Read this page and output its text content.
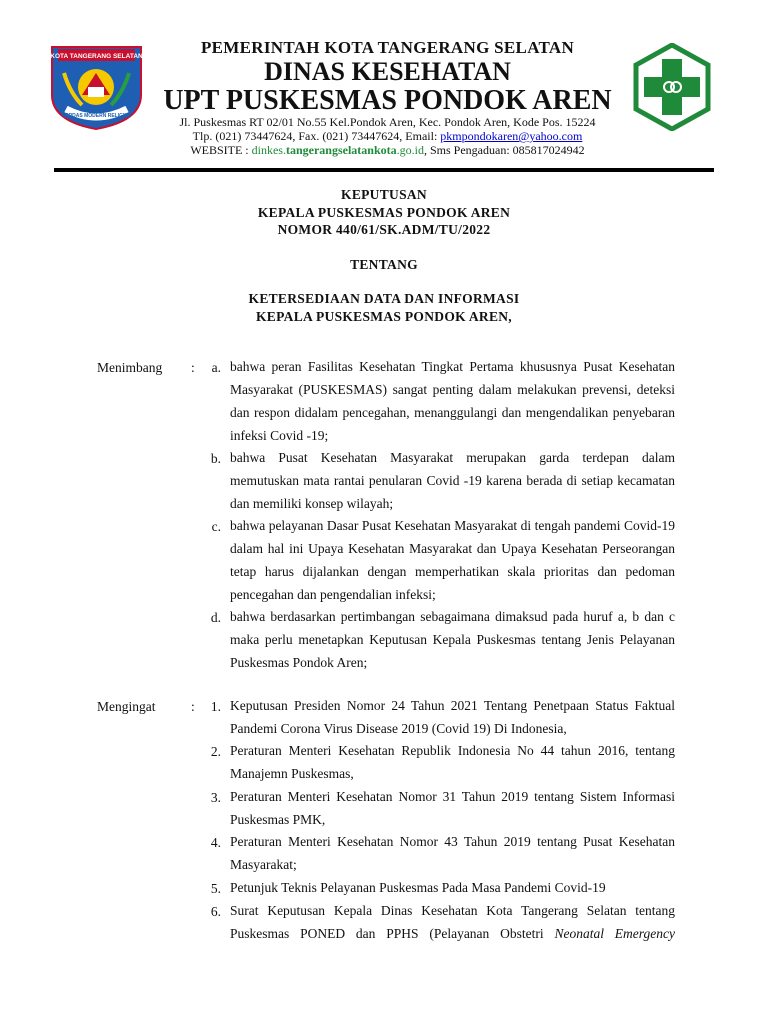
KOTA TANGERANG SELATAN
CERDAS MODERN RELIGIUS
PEMERINTAH KOTA TANGERANG SELATAN
DINAS KESEHATAN
UPT PUSKESMAS PONDOK AREN
Jl. Puskesmas RT 02/01 No.55 Kel.Pondok Aren, Kec. Pondok Aren, Kode Pos. 15224
Tlp. (021) 73447624, Fax. (021) 73447624, Email: pkmpondokaren@yahoo.com
WEBSITE : dinkes.tangerangselatankota.go.id, Sms Pengaduan: 085817024942
KEPUTUSAN
KEPALA PUSKESMAS PONDOK AREN
NOMOR 440/61/SK.ADM/TU/2022
TENTANG
KETERSEDIAAN DATA DAN INFORMASI
KEPALA PUSKESMAS PONDOK AREN,
Menimbang :	a. bahwa peran Fasilitas Kesehatan Tingkat Pertama khususnya Pusat Kesehatan Masyarakat (PUSKESMAS) sangat penting dalam melakukan prevensi, deteksi dan respon didalam pencegahan, menanggulangi dan mengendalikan penyebaran infeksi Covid -19;
b. bahwa Pusat Kesehatan Masyarakat merupakan garda terdepan dalam memutuskan mata rantai penularan Covid -19 karena berada di setiap kecamatan dan memiliki konsep wilayah;
c. bahwa pelayanan Dasar Pusat Kesehatan Masyarakat di tengah pandemi Covid-19 dalam hal ini Upaya Kesehatan Masyarakat dan Upaya Kesehatan Perseorangan tetap harus dijalankan dengan memperhatikan skala prioritas dan pedoman pencegahan dan pengendalian infeksi;
d. bahwa berdasarkan pertimbangan sebagaimana dimaksud pada huruf a, b dan c maka perlu menetapkan Keputusan Kepala Puskesmas tentang Jenis Pelayanan Puskesmas Pondok Aren;
Mengingat	:	1. Keputusan Presiden Nomor 24 Tahun 2021 Tentang Penetpaan Status Faktual Pandemi Corona Virus Disease 2019 (Covid 19) Di Indonesia,
2. Peraturan Menteri Kesehatan Republik Indonesia No 44 tahun 2016, tentang Manajemn Puskesmas,
3. Peraturan Menteri Kesehatan Nomor 31 Tahun 2019 tentang Sistem Informasi Puskesmas PMK,
4. Peraturan Menteri Kesehatan Nomor 43 Tahun 2019 tentang Pusat Kesehatan Masyarakat;
5. Petunjuk Teknis Pelayanan Puskesmas Pada Masa Pandemi Covid-19
6. Surat Keputusan Kepala Dinas Kesehatan Kota Tangerang Selatan tentang Puskesmas PONED dan PPHS (Pelayanan Obstetri Neonatal Emergency
